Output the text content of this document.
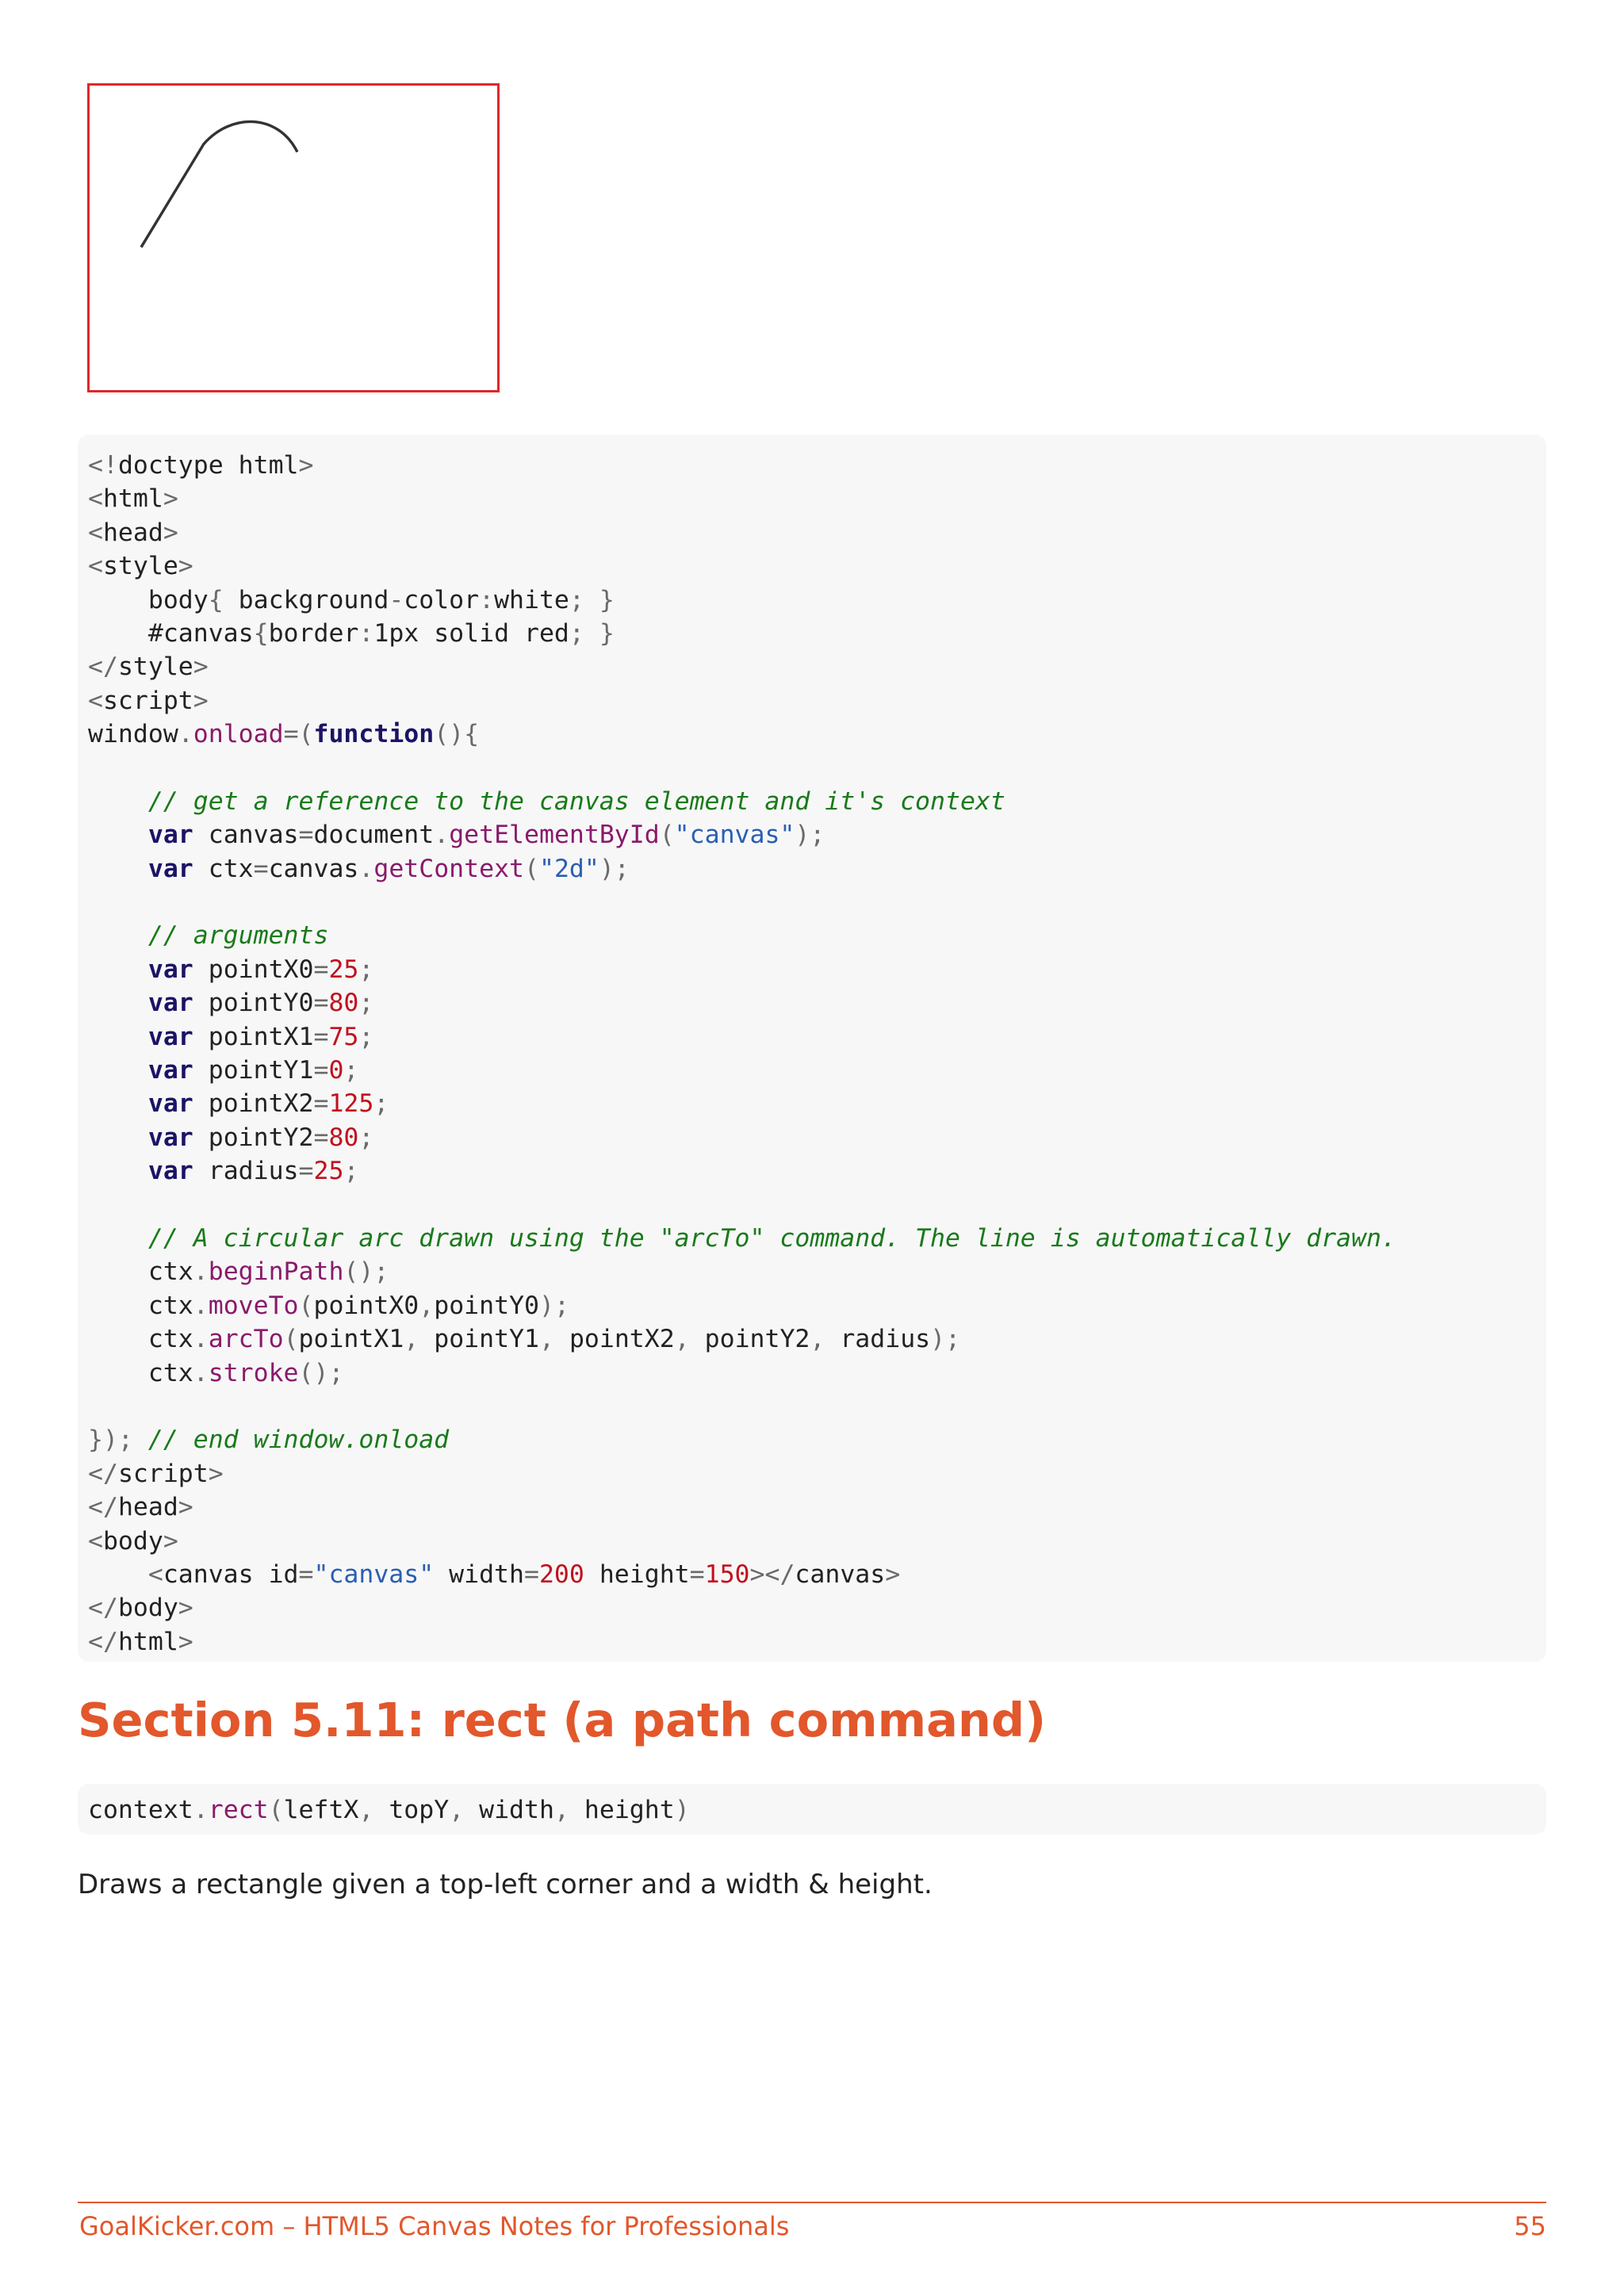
<!doctype html>
<html>
<head>
<style>
body{ background-color:white; }
#canvas{border:1px solid red; }
</style>
<script>
window.onload=(function(){

// get a reference to the canvas element and it's context
var canvas=document.getElementById("canvas");
var ctx=canvas.getContext("2d");

// arguments
var pointX0=25;
var pointY0=80;
var pointX1=75;
var pointY1=0;
var pointX2=125;
var pointY2=80;
var radius=25;

// A circular arc drawn using the "arcTo" command. The line is automatically drawn.
ctx.beginPath();
ctx.moveTo(pointX0,pointY0);
ctx.arcTo(pointX1, pointY1, pointX2, pointY2, radius);
ctx.stroke();

}); // end window.onload
</script>
</head>
<body>
<canvas id="canvas" width=200 height=150></canvas>
</body>
</html>
Section 5.11: rect (a path command)
context.rect(leftX, topY, width, height)

Draws a rectangle given a top-left corner and a width & height.

GoalKicker.com – HTML5 Canvas Notes for Professionals	55
